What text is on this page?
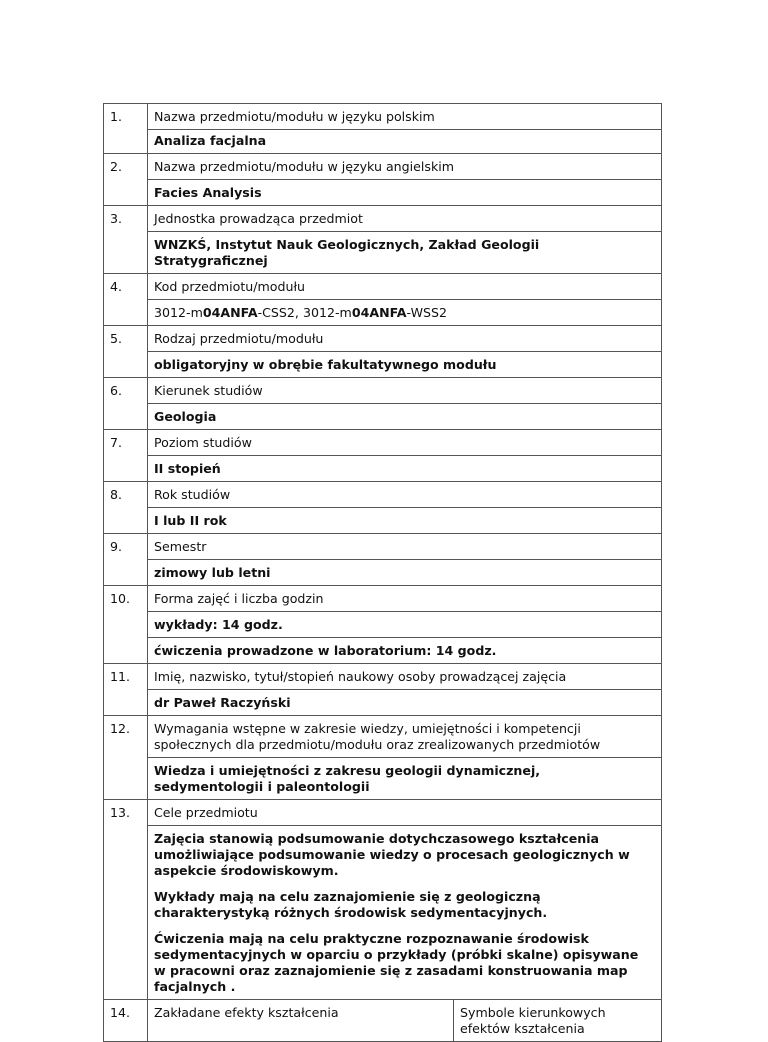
1.	Nazwa przedmiotu/modułu w języku polskim	
	Analiza facjalna	
2.	Nazwa przedmiotu/modułu w języku angielskim	
	Facies Analysis	
3.	Jednostka prowadząca przedmiot	
	WNZKŚ, Instytut Nauk Geologicznych, Zakład Geologii Stratygraficznej	
4.	Kod przedmiotu/modułu	
	3012-m04ANFA-CSS2, 3012-m04ANFA-WSS2	
5.	Rodzaj przedmiotu/modułu	
	obligatoryjny w obrębie fakultatywnego modułu	
6.	Kierunek studiów	
	Geologia	
7.	Poziom studiów	
	II stopień	
8.	Rok studiów	
	I lub II rok	
9.	Semestr	
	zimowy lub letni	
10.	Forma zajęć i liczba godzin	
	wykłady: 14 godz.	
	ćwiczenia prowadzone w laboratorium: 14 godz.	
11.	Imię, nazwisko, tytuł/stopień naukowy osoby prowadzącej zajęcia	
	dr Paweł Raczyński	
12.	Wymagania wstępne w zakresie wiedzy, umiejętności i kompetencji społecznych dla przedmiotu/modułu oraz zrealizowanych przedmiotów	
	Wiedza i umiejętności z zakresu geologii dynamicznej, sedymentologii i paleontologii	
13.	Cele przedmiotu	

	Zajęcia stanowią podsumowanie dotychczasowego kształcenia umożliwiające podsumowanie wiedzy o procesach geologicznych w aspekcie środowiskowym.

Wykłady mają na celu zaznajomienie się z geologiczną charakterystyką różnych środowisk sedymentacyjnych.

Ćwiczenia mają na celu praktyczne rozpoznawanie środowisk sedymentacyjnych w oparciu o przykłady (próbki skalne) opisywane w pracowni oraz zaznajomienie się z zasadami konstruowania map facjalnych .	

14.	Zakładane efekty kształcenia	Symbole kierunkowych efektów kształcenia
